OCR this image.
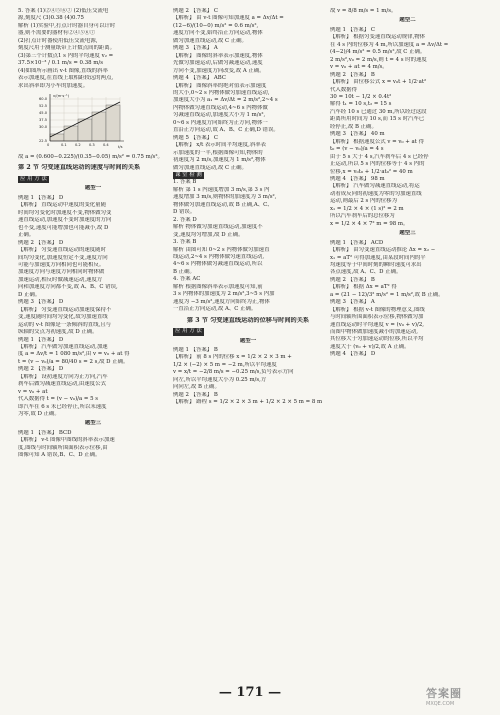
5. 答案 (1)②④⑤⑥⑦ (2)低压交流电
源,刻度尺 (3)0.38 (4)0.75
解析 (1)实验中,打点计时器自身可以计时
器,则不需要的器材有②④⑤⑥⑦
(2)打点计时器使用低压交流电源,
刻度尺用于测量纸带上计数点间的距离。
(3)第三个计数点1 s 内的平均速度 v₂ =
37.5×10⁻³ / 0.1 m/s = 0.38 m/s
(4)如图所示画出 v-t 图像,直线的斜率
表示加速度,在直线上取相距较远的两点,
求出斜率即为小车的加速度。
v/(m·s⁻¹)
t/s
22.5
30.0
37.5
45.0
52.5
60.0
0	0.1 0.2 0.3 0.4
故 a = (0.600−0.225)/(0.35−0.05) m/s² = 0.75 m/s²。
第 2 节 匀变速直线运动的速度与时间的关系
应 用 方 法
题型一
例题 1 【答案】 D
【解析】 直线运动中速度的变化量随
时间均匀变化时加速度不变,物体做匀变
速直线运动,加速度不变时加速度的方向
也不变,速度可能增加也可能减小,故 D
正确。
例题 2 【答案】 D
【解析】 匀变速直线运动的速度随时
间均匀变化,加速度恒定不变,速度方向
可能与加速度方向相同也可能相反。
加速度方向与速度方向相同时物体做
加速运动,相反时做减速运动,速度方
向和加速度方向都不变,故 A、B、C 错误,
D 正确。
例题 3 【答案】 D
【解析】 匀变速直线运动加速度保持不
变,速度随时间均匀变化,故匀加速直线
运动的 v-t 图像是一条倾斜的直线,且与
纵轴的交点为初速度,故 D 正确。
例题 1 【答案】 D
【解析】 汽车做匀加速直线运动,加速
度 a = Δv/t = 1 080 m/s²,由 v = v₀ + at 得
t = (v − v₀)/a = 80/40 s = 2 s,故 D 正确。
例题 2 【答案】 D
【解析】 设初速度方向为正方向,汽车
刹车后做匀减速直线运动,由速度公式
v = v₀ + at
代入数据得 t = (v − v₀)/a = 5 s
即汽车在 6 s 末已经停止,所以末速度
为零,故 D 正确。
题型三
例题 1 【答案】 BCD
【解析】 v-t 图像中图线的斜率表示加速
度,图线与时间轴所围面积表示位移,由
图像可知 A 错误,B、C、D 正确。
例题 2 【答案】 C
【解析】 由 v-t 图像可知加速度 a = Δv/Δt =
(12−6)/(10−0) m/s² = 0.6 m/s²,
速度方向不变,始终沿正方向运动,物体
做匀加速直线运动,故 C 正确。
例题 3 【答案】 A
【解析】 图像的斜率表示加速度,物体
先做匀加速运动,后做匀减速运动,速度
方向不变,加速度方向改变,故 A 正确。
例题 4 【答案】 ABC
【解析】 图像斜率的绝对值表示加速度
的大小,0~2 s 内物体做匀加速直线运动,
加速度大小为 a₁ = Δv/Δt = 2 m/s²,2~4 s
内物体做匀速直线运动,4~6 s 内物体做
匀减速直线运动,加速度大小为 1 m/s²,
0~6 s 内速度方向始终为正方向,物体一
直沿正方向运动,故 A、B、C 正确,D 错误。
例题 5 【答案】 C
【解析】 x/t 表示时间平均速度,斜率表
示加速度的一半,根据图像可知,物体的
初速度为 2 m/s,加速度为 1 m/s²,物体
做匀加速直线运动,故 C 正确。
课 堂 检 测
1. 答案 B
解析 第 1 s 内速度增加 3 m/s,第 3 s 内
速度增加 3 m/s,则物体的加速度为 3 m/s²,
物体做匀加速直线运动,故 B 正确,A、C、
D 错误。
2. 答案 D
解析 物体做匀加速直线运动,加速度不
变,速度均匀增加,故 D 正确。
3. 答案 B
解析 由图可知 0~2 s 内物体做匀加速直
线运动,2~4 s 内物体做匀速直线运动,
4~6 s 内物体做匀减速直线运动,所以
B 正确。
4. 答案 AC
解析 根据图像斜率表示加速度可知,前
3 s 内物体的加速度为 2 m/s²,3~5 s 内加
速度为 −3 m/s²,速度方向始终为正,物体
一直沿正方向运动,故 A、C 正确。
第 3 节 匀变速直线运动的位移与时间的关系
应 用 方 法
题型一
例题 1 【答案】 B
【解析】 前 8 s 内的位移 x = 1/2 × 2 × 3 m +
1/2 × (−2) × 5 m = −2 m,所以平均速度
v = x/t = −2/8 m/s = −0.25 m/s,负号表示方向
向左,所以平均速度大小为 0.25 m/s,方
向向左,故 B 正确。
例题 2 【答案】 B
【解析】 路程 s = 1/2 × 2 × 3 m + 1/2 × 2 × 5 m = 8 m
故 v = 8/8 m/s = 1 m/s。
题型二
例题 1 【答案】 C
【解析】 根据匀变速直线运动规律,物体
在 4 s 内的位移为 4 m,所以加速度 a = Δv/Δt =
(4−2)/4 m/s² = 0.5 m/s²,故 C 正确。
2 m/s²,v₀ = 2 m/s,则 t = 4 s 时的速度
v = v₀ + at = 4 m/s。
例题 2 【答案】 B
【解析】 由位移公式 x = v₀t + 1/2·at²
代入数据得
30 = 10t − 1/2 × 0.4t²
解得 t₁ = 10 s,t₂ = 15 s
汽车经 10 s 已通过 30 m,所以经过这段
距离所用时间为 10 s,而 15 s 时汽车已
经停止,故 B 正确。
例题 3 【答案】 40 m
【解析】 根据速度公式 v = v₀ + at 得
t₀ = (v − v₀)/a = 4 s
由于 5 s 大于 4 s,汽车刹车后 4 s 已经停
止运动,所以 5 s 内的位移等于 4 s 内的
位移,x = v₀t₀ + 1/2·at₀² = 40 m
例题 4 【答案】 98 m
【解析】 汽车做匀减速直线运动,将运
动看成反向的初速度为零的匀加速直线
运动,则最后 2 s 内的位移为
x₁ = 1/2 × 4 × (1 s)² = 2 m
所以汽车刹车后的总位移为
x = 1/2 × 4 × 7² m = 98 m。
题型三
例题 1 【答案】 ACD
【解析】 由匀变速直线运动推论 Δx = x₂ −
x₁ = aT² 可得加速度,由某段时间内的平
均速度等于中间时刻的瞬时速度可求出
各点速度,故 A、C、D 正确。
例题 2 【答案】 B
【解析】 根据 Δx = aT² 得
a = (21 − 12)/3² m/s² = 1 m/s²,故 B 正确。
例题 3 【答案】 A
【解析】 根据 v-t 图像的物理意义,图线
与时间轴所围面积表示位移,物体做匀加
速直线运动时平均速度 v = (v₀ + v)/2,
而图中物体做加速度减小的加速运动,
其位移大于匀加速运动的位移,所以平均
速度大于 (v₀ + v)/2,故 A 正确。
例题 4 【答案】 D
— 171 —	答案圈
MXQE.COM
